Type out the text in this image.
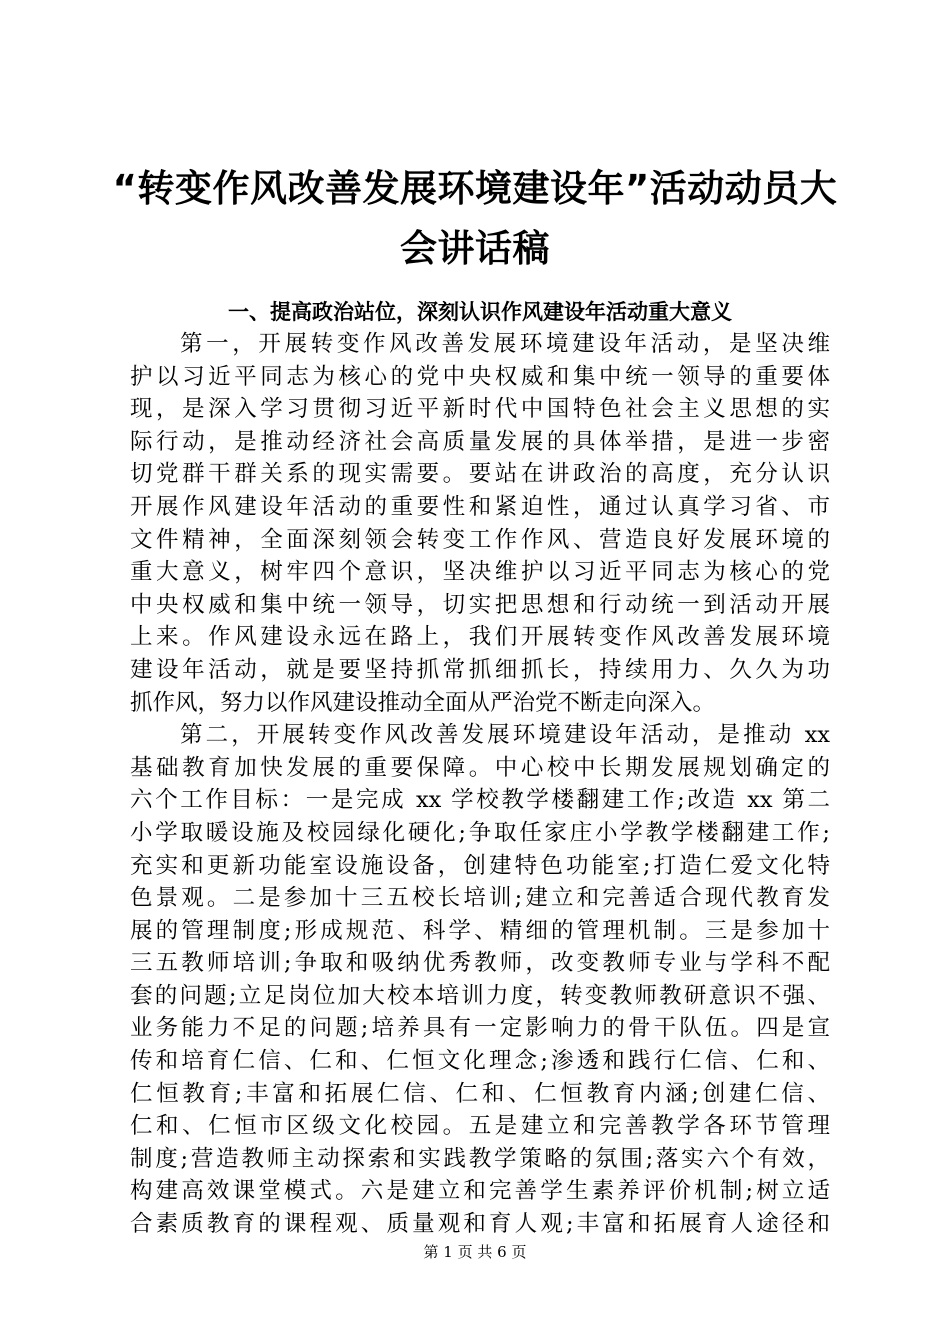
“转变作风改善发展环境建设年”活动动员大
会讲话稿
一、提高政治站位，深刻认识作风建设年活动重大意义
第一，开展转变作风改善发展环境建设年活动，是坚决维
护以习近平同志为核心的党中央权威和集中统一领导的重要体
现，是深入学习贯彻习近平新时代中国特色社会主义思想的实
际行动，是推动经济社会高质量发展的具体举措，是进一步密
切党群干群关系的现实需要。要站在讲政治的高度，充分认识
开展作风建设年活动的重要性和紧迫性，通过认真学习省、市
文件精神，全面深刻领会转变工作作风、营造良好发展环境的
重大意义，树牢四个意识，坚决维护以习近平同志为核心的党
中央权威和集中统一领导，切实把思想和行动统一到活动开展
上来。作风建设永远在路上，我们开展转变作风改善发展环境
建设年活动，就是要坚持抓常抓细抓长，持续用力、久久为功
抓作风，努力以作风建设推动全面从严治党不断走向深入。
第二，开展转变作风改善发展环境建设年活动，是推动 xx
基础教育加快发展的重要保障。中心校中长期发展规划确定的
六个工作目标：一是完成 xx 学校教学楼翻建工作;改造 xx 第二
小学取暖设施及校园绿化硬化;争取任家庄小学教学楼翻建工作;
充实和更新功能室设施设备，创建特色功能室;打造仁爱文化特
色景观。二是参加十三五校长培训;建立和完善适合现代教育发
展的管理制度;形成规范、科学、精细的管理机制。三是参加十
三五教师培训;争取和吸纳优秀教师，改变教师专业与学科不配
套的问题;立足岗位加大校本培训力度，转变教师教研意识不强、
业务能力不足的问题;培养具有一定影响力的骨干队伍。四是宣
传和培育仁信、仁和、仁恒文化理念;渗透和践行仁信、仁和、
仁恒教育;丰富和拓展仁信、仁和、仁恒教育内涵;创建仁信、
仁和、仁恒市区级文化校园。五是建立和完善教学各环节管理
制度;营造教师主动探索和实践教学策略的氛围;落实六个有效，
构建高效课堂模式。六是建立和完善学生素养评价机制;树立适
合素质教育的课程观、质量观和育人观;丰富和拓展育人途径和
第 1 页 共 6 页
